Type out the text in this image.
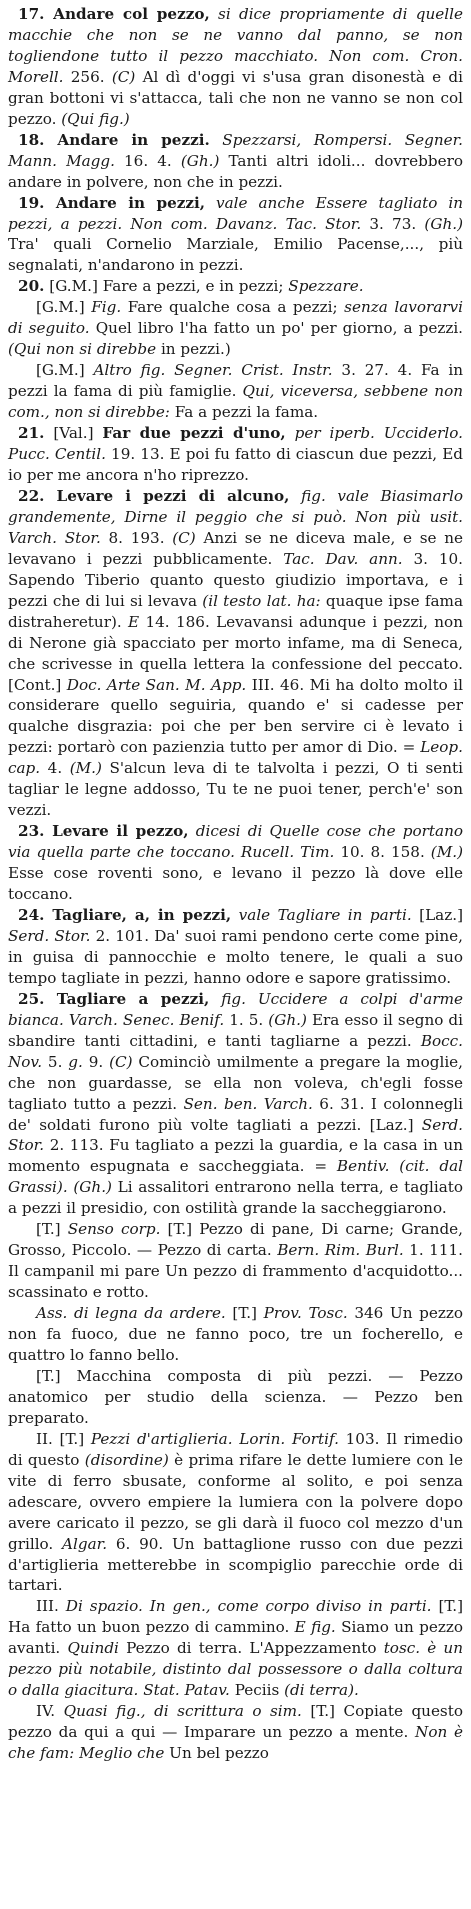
17. Andare col pezzo, si dice propriamente di quelle macchie che non se ne vanno dal panno, se non togliendone tutto il pezzo macchiato. Non com. Cron. Morell. 256. (C) Al dì d'oggi vi s'usa gran disonestà e di gran bottoni vi s'attacca, tali che non ne vanno se non col pezzo. (Qui fig.)

18. Andare in pezzi. Spezzarsi, Rompersi. Segner. Mann. Magg. 16. 4. (Gh.) Tanti altri idoli... dovrebbero andare in polvere, non che in pezzi.

19. Andare in pezzi, vale anche Essere tagliato in pezzi, a pezzi. Non com. Davanz. Tac. Stor. 3. 73. (Gh.) Tra' quali Cornelio Marziale, Emilio Pacense,..., più segnalati, n'andarono in pezzi.

20. [G.M.] Fare a pezzi, e in pezzi; Spezzare.

[G.M.] Fig. Fare qualche cosa a pezzi; senza lavorarvi di seguito. Quel libro l'ha fatto un po' per giorno, a pezzi. (Qui non si direbbe in pezzi.)

[G.M.] Altro fig. Segner. Crist. Instr. 3. 27. 4. Fa in pezzi la fama di più famiglie. Qui, viceversa, sebbene non com., non si direbbe: Fa a pezzi la fama.

21. [Val.] Far due pezzi d'uno, per iperb. Ucciderlo. Pucc. Centil. 19. 13. E poi fu fatto di ciascun due pezzi, Ed io per me ancora n'ho riprezzo.

22. Levare i pezzi di alcuno, fig. vale Biasimarlo grandemente, Dirne il peggio che si può. Non più usit. Varch. Stor. 8. 193. (C) Anzi se ne diceva male, e se ne levavano i pezzi pubblicamente. Tac. Dav. ann. 3. 10. Sapendo Tiberio quanto questo giudizio importava, e i pezzi che di lui si levava (il testo lat. ha: quaque ipse fama distraheretur). E 14. 186. Levavansi adunque i pezzi, non di Nerone già spacciato per morto infame, ma di Seneca, che scrivesse in quella lettera la confessione del peccato. [Cont.] Doc. Arte San. M. App. III. 46. Mi ha dolto molto il considerare quello seguiria, quando e' si cadesse per qualche disgrazia: poi che per ben servire ci è levato i pezzi: portarò con pazienzia tutto per amor di Dio. = Leop. cap. 4. (M.) S'alcun leva di te talvolta i pezzi, O ti senti tagliar le legne addosso, Tu te ne puoi tener, perch'e' son vezzi.

23. Levare il pezzo, dicesi di Quelle cose che portano via quella parte che toccano. Rucell. Tim. 10. 8. 158. (M.) Esse cose roventi sono, e levano il pezzo là dove elle toccano.

24. Tagliare, a, in pezzi, vale Tagliare in parti. [Laz.] Serd. Stor. 2. 101. Da' suoi rami pendono certe come pine, in guisa di pannocchie e molto tenere, le quali a suo tempo tagliate in pezzi, hanno odore e sapore gratissimo.

25. Tagliare a pezzi, fig. Uccidere a colpi d'arme bianca. Varch. Senec. Benif. 1. 5. (Gh.) Era esso il segno di sbandire tanti cittadini, e tanti tagliarne a pezzi. Bocc. Nov. 5. g. 9. (C) Cominciò umilmente a pregare la moglie, che non guardasse, se ella non voleva, ch'egli fosse tagliato tutto a pezzi. Sen. ben. Varch. 6. 31. I colonnegli de' soldati furono più volte tagliati a pezzi. [Laz.] Serd. Stor. 2. 113. Fu tagliato a pezzi la guardia, e la casa in un momento espugnata e saccheggiata. = Bentiv. (cit. dal Grassi). (Gh.) Li assalitori entrarono nella terra, e tagliato a pezzi il presidio, con ostilità grande la saccheggiarono.

[T.] Senso corp. [T.] Pezzo di pane, Di carne; Grande, Grosso, Piccolo. — Pezzo di carta. Bern. Rim. Burl. 1. 111. Il campanil mi pare Un pezzo di frammento d'acquidotto... scassinato e rotto.

Ass. di legna da ardere. [T.] Prov. Tosc. 346 Un pezzo non fa fuoco, due ne fanno poco, tre un focherello, e quattro lo fanno bello.

[T.] Macchina composta di più pezzi. — Pezzo anatomico per studio della scienza. — Pezzo ben preparato.

II. [T.] Pezzi d'artiglieria. Lorin. Fortif. 103. Il rimedio di questo (disordine) è prima rifare le dette lumiere con le vite di ferro sbusate, conforme al solito, e poi senza adescare, ovvero empiere la lumiera con la polvere dopo avere caricato il pezzo, se gli darà il fuoco col mezzo d'un grillo. Algar. 6. 90. Un battaglione russo con due pezzi d'artiglieria metterebbe in scompiglio parecchie orde di tartari.

III. Di spazio. In gen., come corpo diviso in parti. [T.] Ha fatto un buon pezzo di cammino. E fig. Siamo un pezzo avanti. Quindi Pezzo di terra. L'Appezzamento tosc. è un pezzo più notabile, distinto dal possessore o dalla coltura o dalla giacitura. Stat. Patav. Peciis (di terra).

IV. Quasi fig., di scrittura o sim. [T.] Copiate questo pezzo da qui a qui — Imparare un pezzo a mente. Non è che fam: Meglio che Un bel pezzo
